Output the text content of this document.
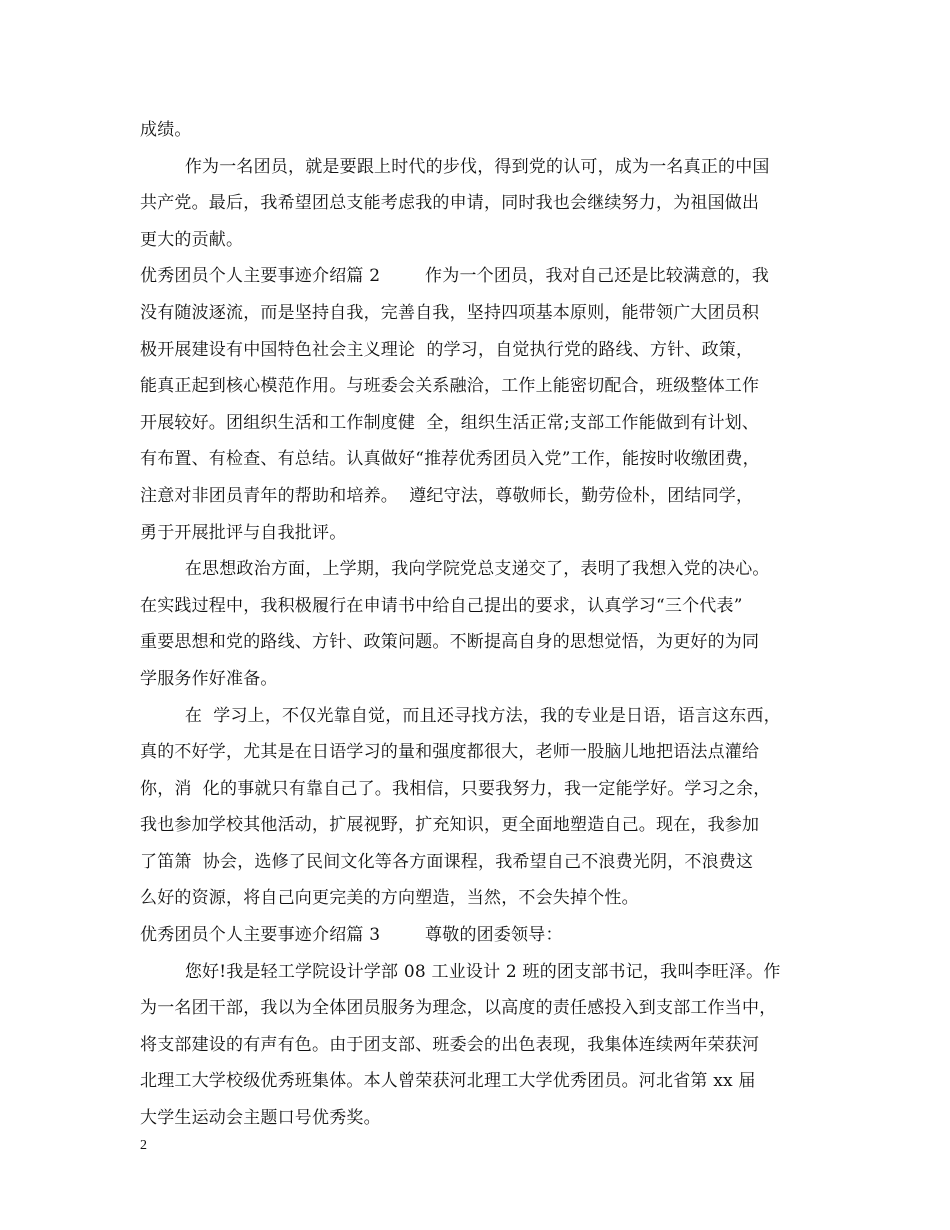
成绩。
作为一名团员，就是要跟上时代的步伐，得到党的认可，成为一名真正的中国
共产党。最后，我希望团总支能考虑我的申请，同时我也会继续努力，为祖国做出
更大的贡献。
优秀团员个人主要事迹介绍篇 2        作为一个团员，我对自己还是比较满意的，我
没有随波逐流，而是坚持自我，完善自我，坚持四项基本原则，能带领广大团员积
极开展建设有中国特色社会主义理论  的学习，自觉执行党的路线、方针、政策，
能真正起到核心模范作用。与班委会关系融洽，工作上能密切配合，班级整体工作
开展较好。团组织生活和工作制度健  全，组织生活正常;支部工作能做到有计划、
有布置、有检查、有总结。认真做好“推荐优秀团员入党”工作，能按时收缴团费，
注意对非团员青年的帮助和培养。  遵纪守法，尊敬师长，勤劳俭朴，团结同学，
勇于开展批评与自我批评。
在思想政治方面，上学期，我向学院党总支递交了，表明了我想入党的决心。
在实践过程中，我积极履行在申请书中给自己提出的要求，认真学习“三个代表”
重要思想和党的路线、方针、政策问题。不断提高自身的思想觉悟，为更好的为同
学服务作好准备。
在  学习上，不仅光靠自觉，而且还寻找方法，我的专业是日语，语言这东西，
真的不好学，尤其是在日语学习的量和强度都很大，老师一股脑儿地把语法点灌给
你，消  化的事就只有靠自己了。我相信，只要我努力，我一定能学好。学习之余，
我也参加学校其他活动，扩展视野，扩充知识，更全面地塑造自己。现在，我参加
了笛箫  协会，选修了民间文化等各方面课程，我希望自己不浪费光阴，不浪费这
么好的资源，将自己向更完美的方向塑造，当然，不会失掉个性。
优秀团员个人主要事迹介绍篇 3        尊敬的团委领导：
您好!我是轻工学院设计学部 08 工业设计 2 班的团支部书记，我叫李旺泽。作
为一名团干部，我以为全体团员服务为理念，以高度的责任感投入到支部工作当中，
将支部建设的有声有色。由于团支部、班委会的出色表现，我集体连续两年荣获河
北理工大学校级优秀班集体。本人曾荣获河北理工大学优秀团员。河北省第 xx 届
大学生运动会主题口号优秀奖。
2
